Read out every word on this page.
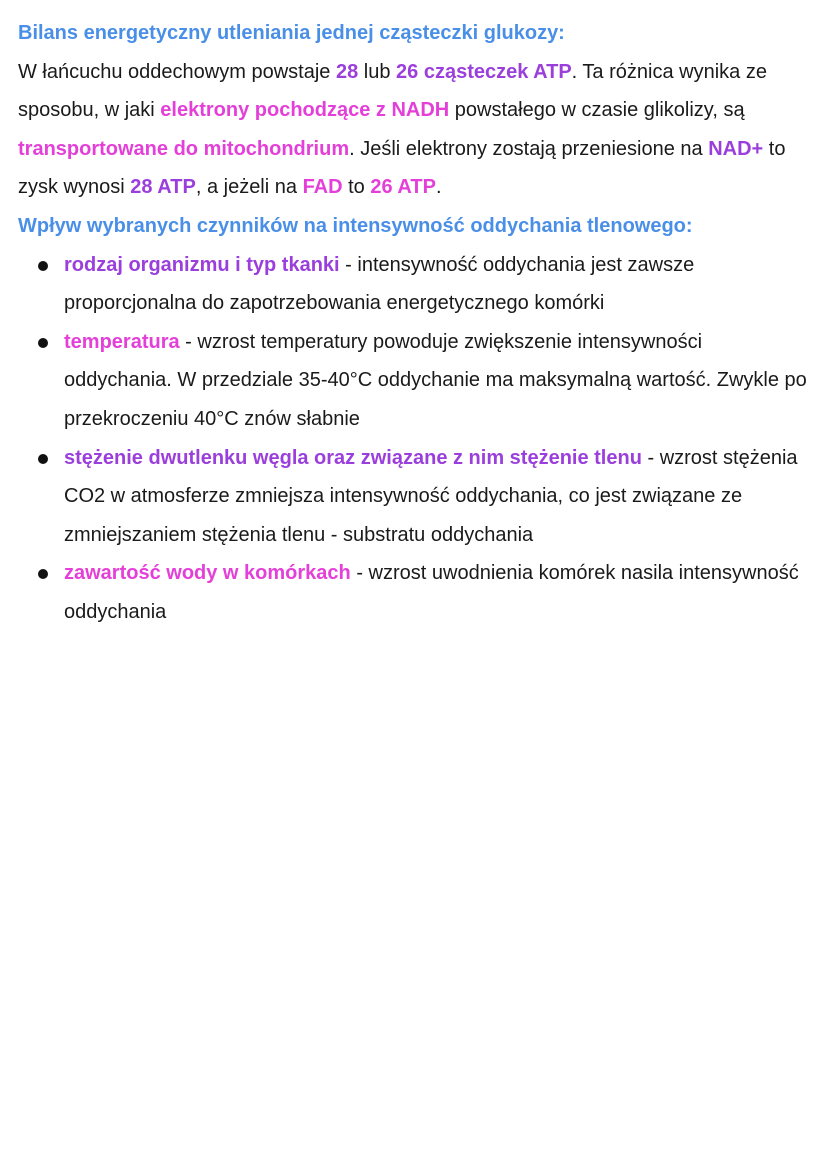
Bilans energetyczny utleniania jednej cząsteczki glukozy:

W łańcuchu oddechowym powstaje 28 lub 26 cząsteczek ATP. Ta różnica wynika ze sposobu, w jaki elektrony pochodzące z NADH powstałego w czasie glikolizy, są transportowane do mitochondrium. Jeśli elektrony zostają przeniesione na NAD+ to zysk wynosi 28 ATP, a jeżeli na FAD to 26 ATP.

Wpływ wybranych czynników na intensywność oddychania tlenowego:
rodzaj organizmu i typ tkanki - intensywność oddychania jest zawsze proporcjonalna do zapotrzebowania energetycznego komórki
temperatura - wzrost temperatury powoduje zwiększenie intensywności oddychania. W przedziale 35-40°C oddychanie ma maksymalną wartość. Zwykle po przekroczeniu 40°C znów słabnie
stężenie dwutlenku węgla oraz związane z nim stężenie tlenu - wzrost stężenia CO2 w atmosferze zmniejsza intensywność oddychania, co jest związane ze zmniejszaniem stężenia tlenu - substratu oddychania
zawartość wody w komórkach - wzrost uwodnienia komórek nasila intensywność oddychania
